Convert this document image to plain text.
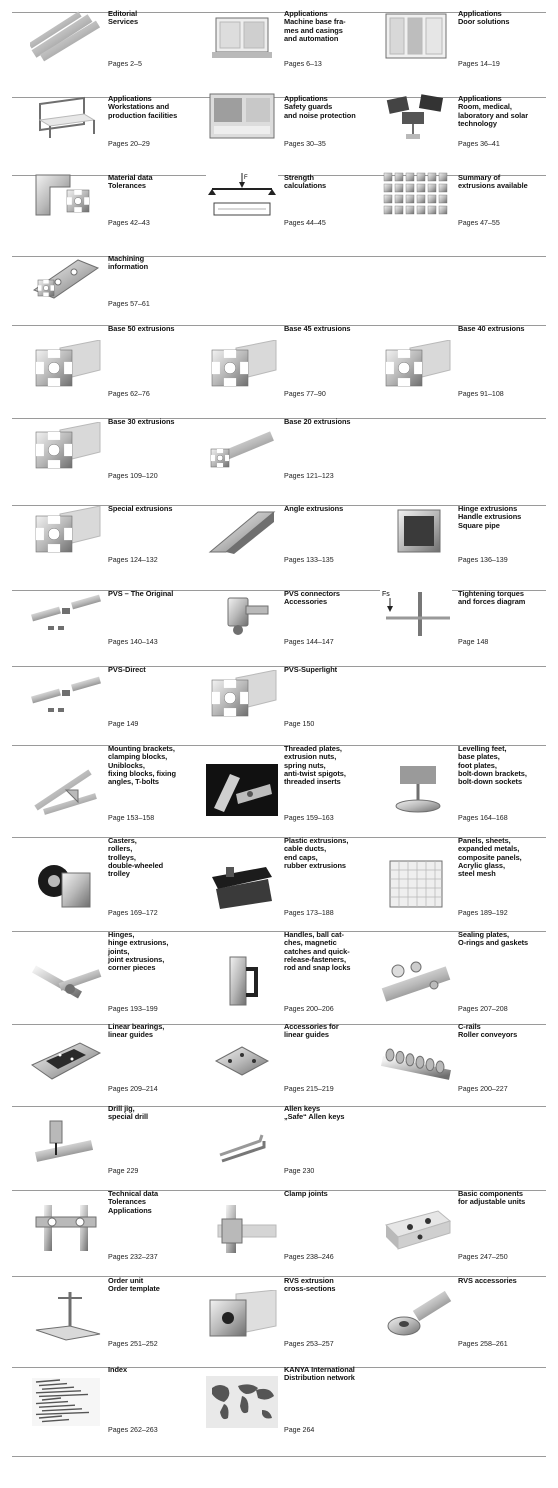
Editorial
Services
Pages 2–5
Applications
Machine base fra-
mes and casings
and automation
Pages 6–13
Applications
Door solutions
Pages 14–19
Applications
Workstations and
production facilities
Pages 20–29
Applications
Safety guards
and noise protection
Pages 30–35
Applications
Room, medical,
laboratory and solar
technology
Pages 36–41
Material data
Tolerances
Pages 42–43
F	Strength
calculations
Pages 44–45
Summary of
extrusions available
Pages 47–55
Machining
information
Pages 57–61
Base 50 extrusions
Pages 62–76
Base 45 extrusions
Pages 77–90
Base 40 extrusions
Pages 91–108
Base 30 extrusions
Pages 109–120
Base 20 extrusions
Pages 121–123
Special extrusions
Pages 124–132
Angle extrusions
Pages 133–135
Hinge extrusions
Handle extrusions
Square pipe
Pages 136–139
PVS – The Original
Pages 140–143
PVS connectors
Accessories
Pages 144–147
Fs	Tightening torques
and forces diagram
Page 148
PVS-Direct
Page 149
PVS-Superlight
Page 150
Mounting brackets,
clamping blocks,
Uniblocks,
fixing blocks, fixing
angles, T-bolts
Page 153–158
Threaded plates,
extrusion nuts,
spring nuts,
anti-twist spigots,
threaded inserts
Pages 159–163
Levelling feet,
base plates,
foot plates,
bolt-down brackets,
bolt-down sockets
Pages 164–168
Casters,
rollers,
trolleys,
double-wheeled
trolley
Pages 169–172
Plastic extrusions,
cable ducts,
end caps,
rubber extrusions
Pages 173–188
Panels, sheets,
expanded metals,
composite panels,
Acrylic glass,
steel mesh
Pages 189–192
Hinges,
hinge extrusions,
joints,
joint extrusions,
corner pieces
Pages 193–199
Handles, ball cat-
ches, magnetic
catches and quick-
release-fasteners,
rod and snap locks
Pages 200–206
Sealing plates,
O-rings and gaskets
Pages 207–208
Linear bearings,
linear guides
Pages 209–214
Accessories for
linear guides
Pages 215–219
C-rails
Roller conveyors
Pages 200–227
Drill jig,
special drill
Page 229
Allen keys
„Safe“ Allen keys
Page 230
Technical data
Tolerances
Applications
Pages 232–237
Clamp joints
Pages 238–246
Basic components
for adjustable units
Pages 247–250
Order unit
Order template
Pages 251–252
RVS extrusion
cross-sections
Pages 253–257
RVS accessories
Pages 258–261
Index
Pages 262–263
KANYA International
Distribution network
Page 264
